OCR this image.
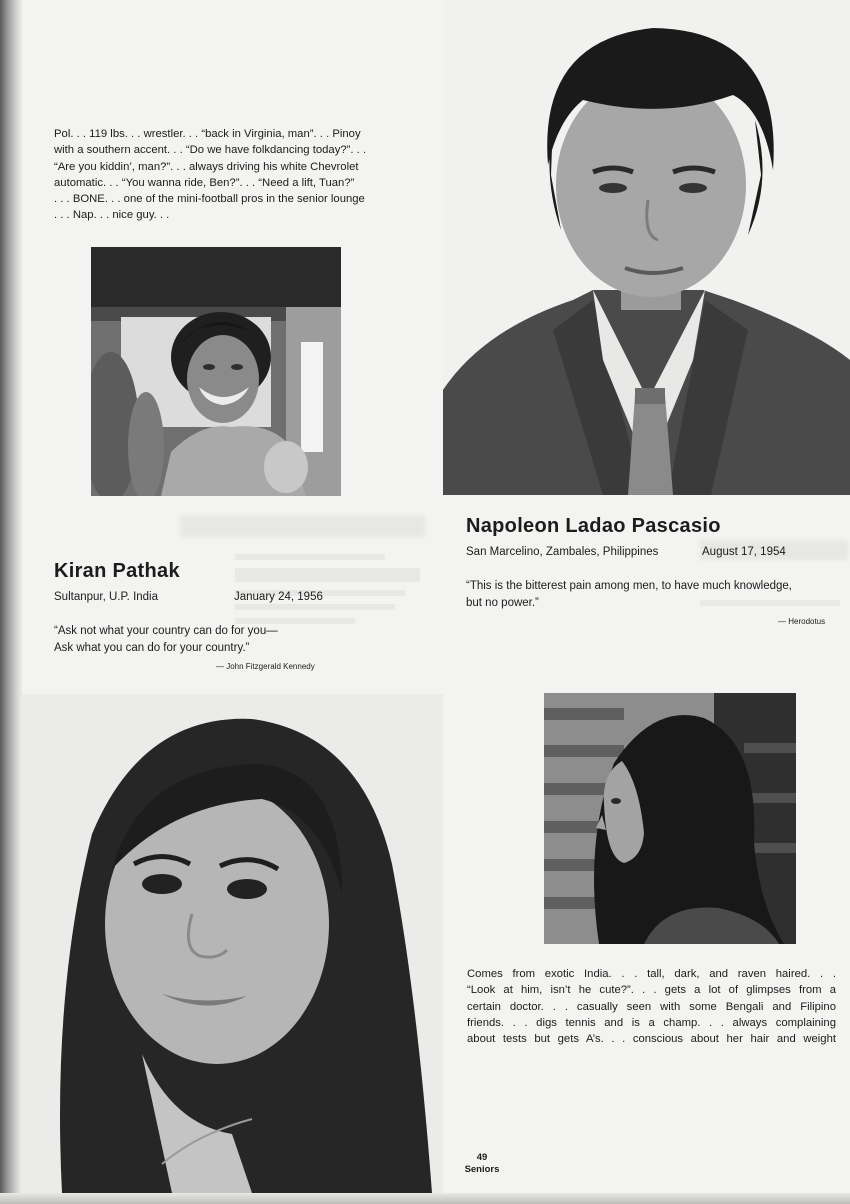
Pol. . . 119 lbs. . . wrestler. . . “back in Virginia, man”. . . Pinoy
with a southern accent. . . “Do we have folkdancing today?”. . .
“Are you kiddin’, man?”. . . always driving his white Chevrolet
automatic. . . “You wanna ride, Ben?”. . . “Need a lift, Tuan?”
. . . BONE. . . one of the mini-football pros in the senior lounge
. . . Nap. . . nice guy. . .
Napoleon Ladao Pascasio
San Marcelino, Zambales, Philippines	August 17, 1954
“This is the bitterest pain among men, to have much knowledge,
but no power.”
— Herodotus
Kiran Pathak
Sultanpur, U.P. India	January 24, 1956
“Ask not what your country can do for you—
Ask what you can do for your country.”
— John Fitzgerald Kennedy
Comes from exotic India. . . tall, dark, and raven haired. . .
“Look at him, isn’t he cute?”. . . gets a lot of glimpses from a
certain doctor. . . casually seen with some Bengali and Filipino
friends. . . digs tennis and is a champ. . . always complaining
about tests but gets A’s. . . conscious about her hair and weight
49
Seniors
